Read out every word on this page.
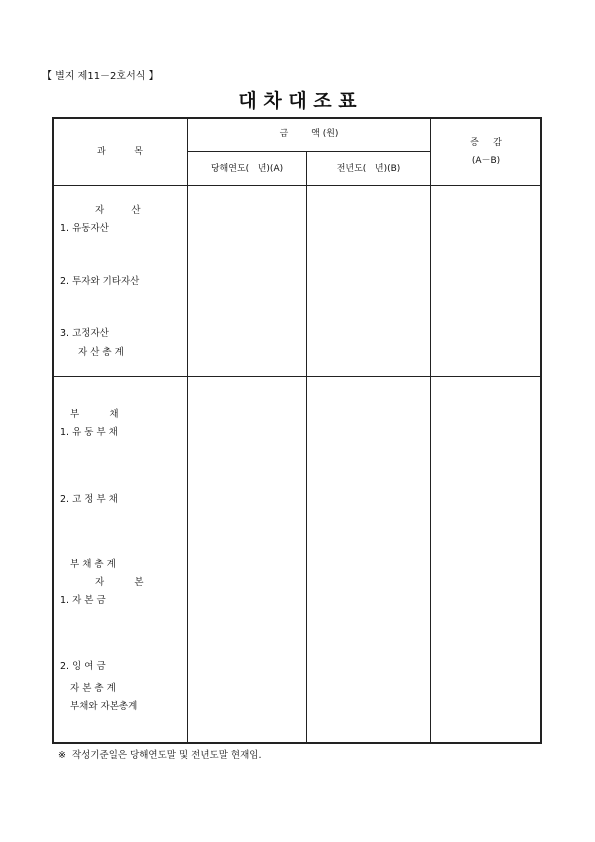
【 별지 제11－2호서식 】
대 차 대 조 표
과          목
금        액 (원)
당해연도(   년)(A)	전년도(   년)(B)
증     감
(A－B)
자         산
1. 유동자산
2. 투자와 기타자산
3. 고정자산
자 산 총 계
부          채
1. 유 동 부 채
2. 고 정 부 채
부 채 총 계
자          본
1. 자 본 금
2. 잉 여 금
자 본 총 계
부채와 자본총계
※  작성기준일은 당해연도말 및 전년도말 현재임.
